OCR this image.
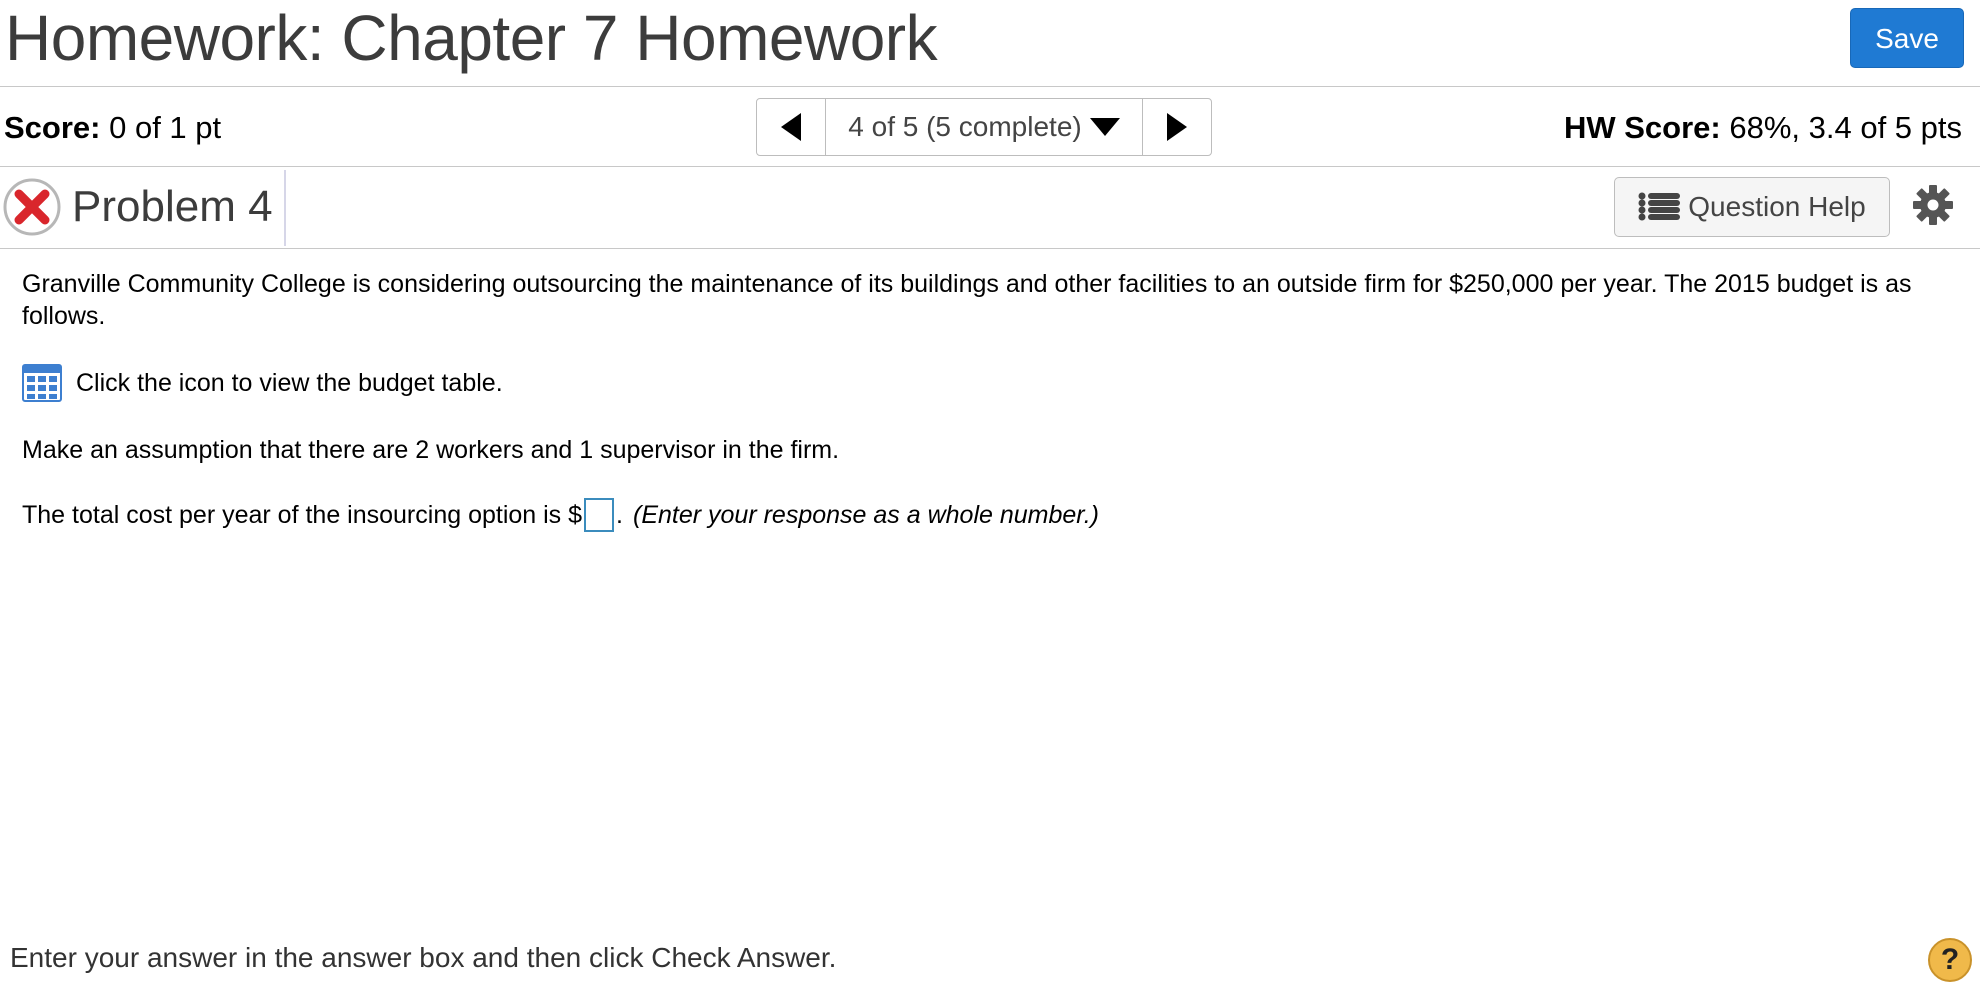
Homework: Chapter 7 Homework	Save
Score: 0 of 1 pt	4 of 5 (5 complete)	HW Score: 68%, 3.4 of 5 pts
Problem 4	Question Help

Granville Community College is considering outsourcing the maintenance of its buildings and other facilities to an outside firm for $250,000 per year. The 2015 budget is as follows.

Click the icon to view the budget table.

Make an assumption that there are 2 workers and 1 supervisor in the firm.

The total cost per year of the insourcing option is $ . (Enter your response as a whole number.)

Enter your answer in the answer box and then click Check Answer.	?
